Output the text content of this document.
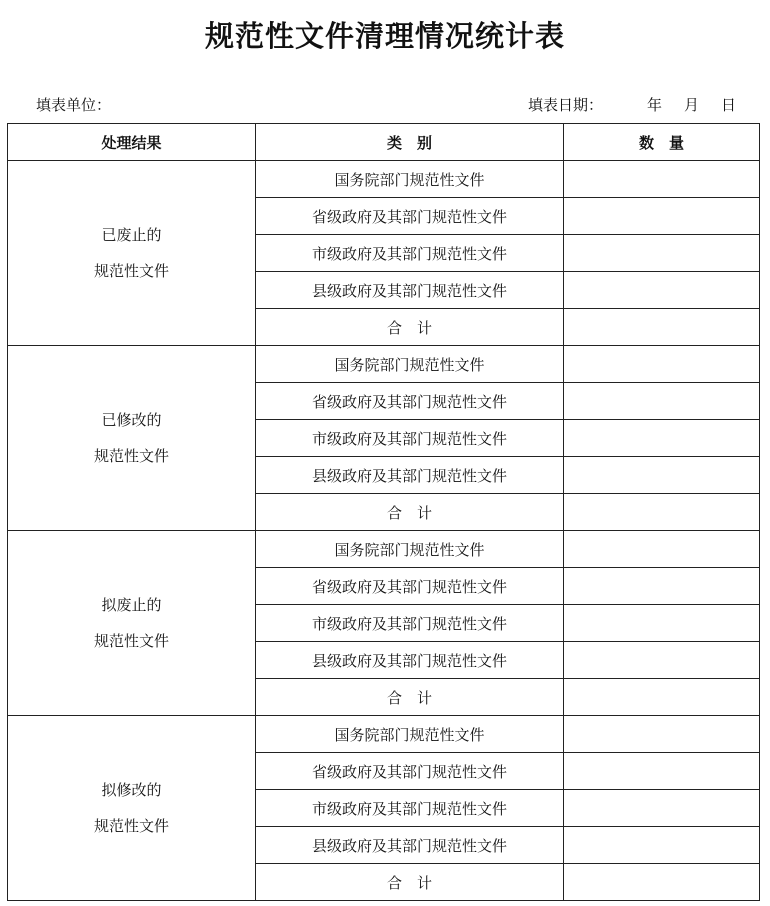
规范性文件清理情况统计表
填表单位：	填表日期：	年 月 日
处理结果	类　别	数　量

已废止的
规范性文件	国务院部门规范性文件	
	省级政府及其部门规范性文件	
	市级政府及其部门规范性文件	
	县级政府及其部门规范性文件	
	合　计	

已修改的
规范性文件	国务院部门规范性文件	
	省级政府及其部门规范性文件	
	市级政府及其部门规范性文件	
	县级政府及其部门规范性文件	
	合　计	

拟废止的
规范性文件	国务院部门规范性文件	
	省级政府及其部门规范性文件	
	市级政府及其部门规范性文件	
	县级政府及其部门规范性文件	
	合　计	

拟修改的
规范性文件	国务院部门规范性文件	
	省级政府及其部门规范性文件	
	市级政府及其部门规范性文件	
	县级政府及其部门规范性文件	
	合　计	
